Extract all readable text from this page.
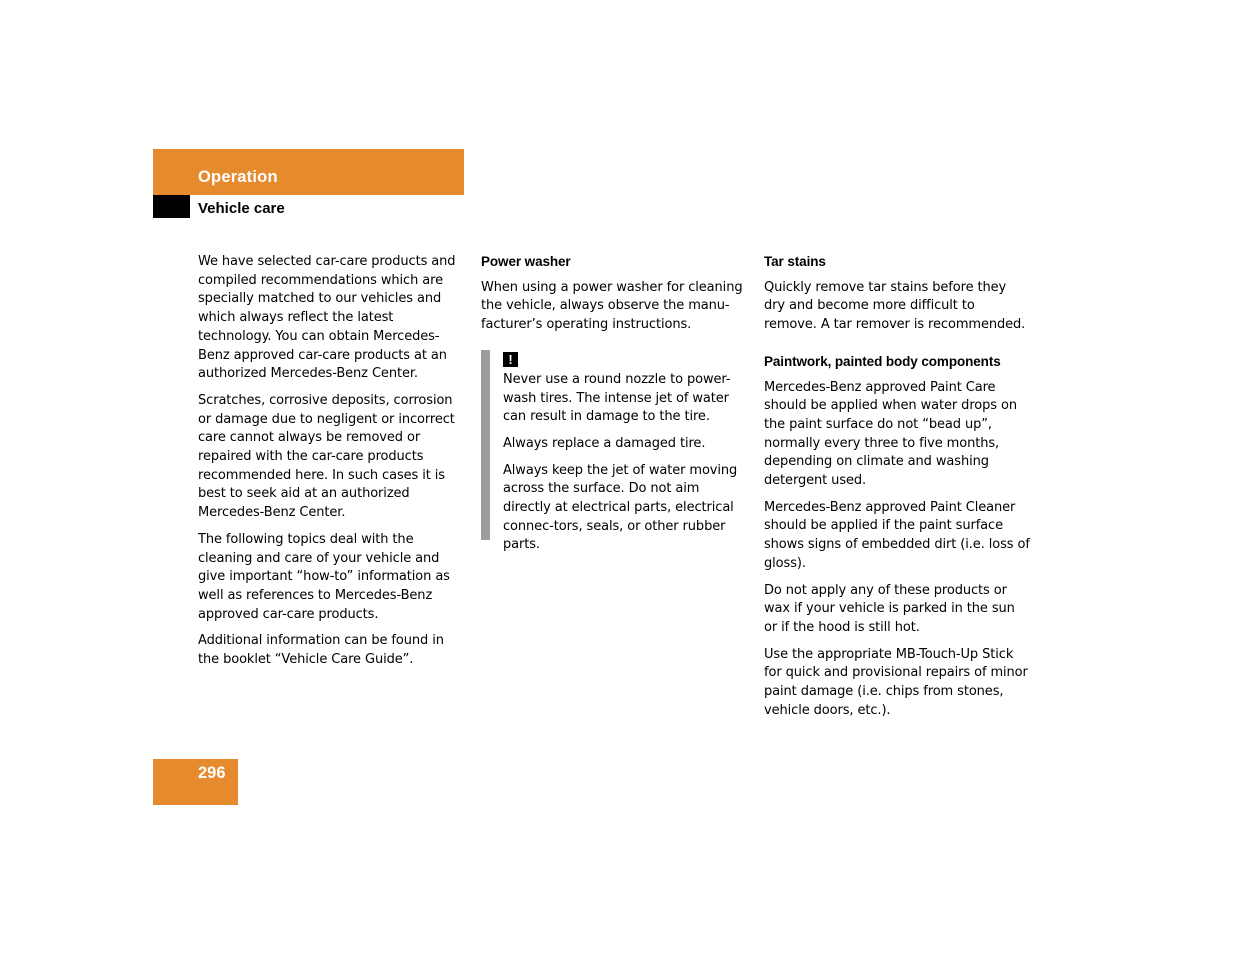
Operation
Vehicle care

We have selected car-care products and compiled recommendations which are specially matched to our vehicles and which always reflect the latest technology. You can obtain Mercedes-Benz approved car-care products at an authorized Mercedes-Benz Center.

Scratches, corrosive deposits, corrosion or damage due to negligent or incorrect care cannot always be removed or repaired with the car-care products recommended here. In such cases it is best to seek aid at an authorized Mercedes-Benz Center.

The following topics deal with the cleaning and care of your vehicle and give important “how-to” information as well as references to Mercedes-Benz approved car-care products.

Additional information can be found in the booklet “Vehicle Care Guide”.

Power washer

When using a power washer for cleaning the vehicle, always observe the manu-facturer’s operating instructions.

!

Never use a round nozzle to power-wash tires. The intense jet of water can result in damage to the tire.

Always replace a damaged tire.

Always keep the jet of water moving across the surface. Do not aim directly at electrical parts, electrical connec-tors, seals, or other rubber parts.

Tar stains

Quickly remove tar stains before they dry and become more difficult to remove. A tar remover is recommended.

Paintwork, painted body components

Mercedes-Benz approved Paint Care should be applied when water drops on the paint surface do not “bead up”, normally every three to five months, depending on climate and washing detergent used.

Mercedes-Benz approved Paint Cleaner should be applied if the paint surface shows signs of embedded dirt (i.e. loss of gloss).

Do not apply any of these products or wax if your vehicle is parked in the sun or if the hood is still hot.

Use the appropriate MB-Touch-Up Stick for quick and provisional repairs of minor paint damage (i.e. chips from stones, vehicle doors, etc.).

296
